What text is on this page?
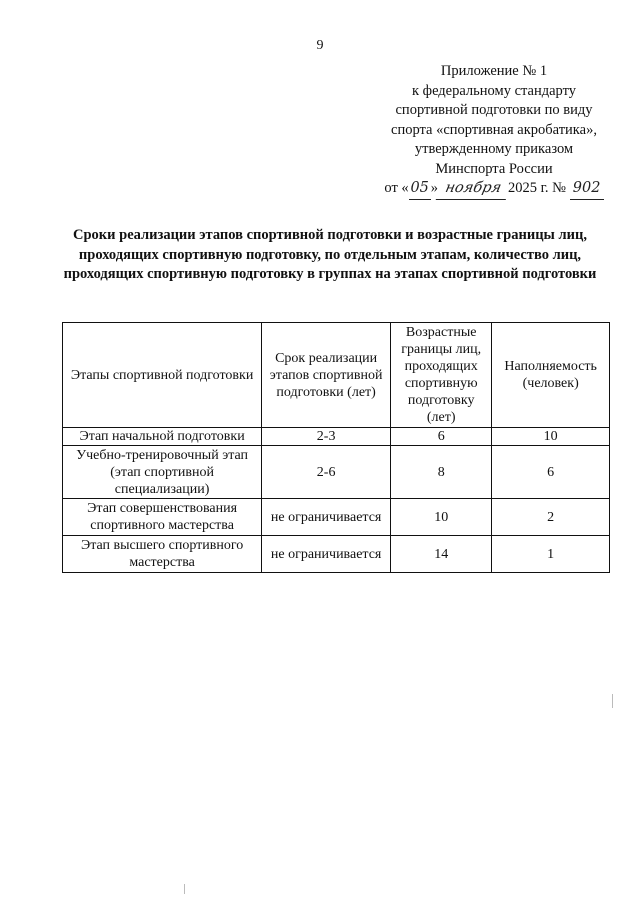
9
Приложение № 1
к федеральному стандарту
спортивной подготовки по виду
спорта «спортивная акробатика»,
утвержденному приказом
Минспорта России
от « 05 » ноября 2025 г. № 902
Сроки реализации этапов спортивной подготовки и возрастные границы лиц, проходящих спортивную подготовку, по отдельным этапам, количество лиц, проходящих спортивную подготовку в группах на этапах спортивной подготовки
Этапы спортивной подготовки	Срок реализации этапов спортивной подготовки (лет)	Возрастные границы лиц, проходящих спортивную подготовку (лет)	Наполняемость (человек)
Этап начальной подготовки	2-3	6	10
Учебно-тренировочный этап (этап спортивной специализации)	2-6	8	6
Этап совершенствования спортивного мастерства	не ограничивается	10	2
Этап высшего спортивного мастерства	не ограничивается	14	1
